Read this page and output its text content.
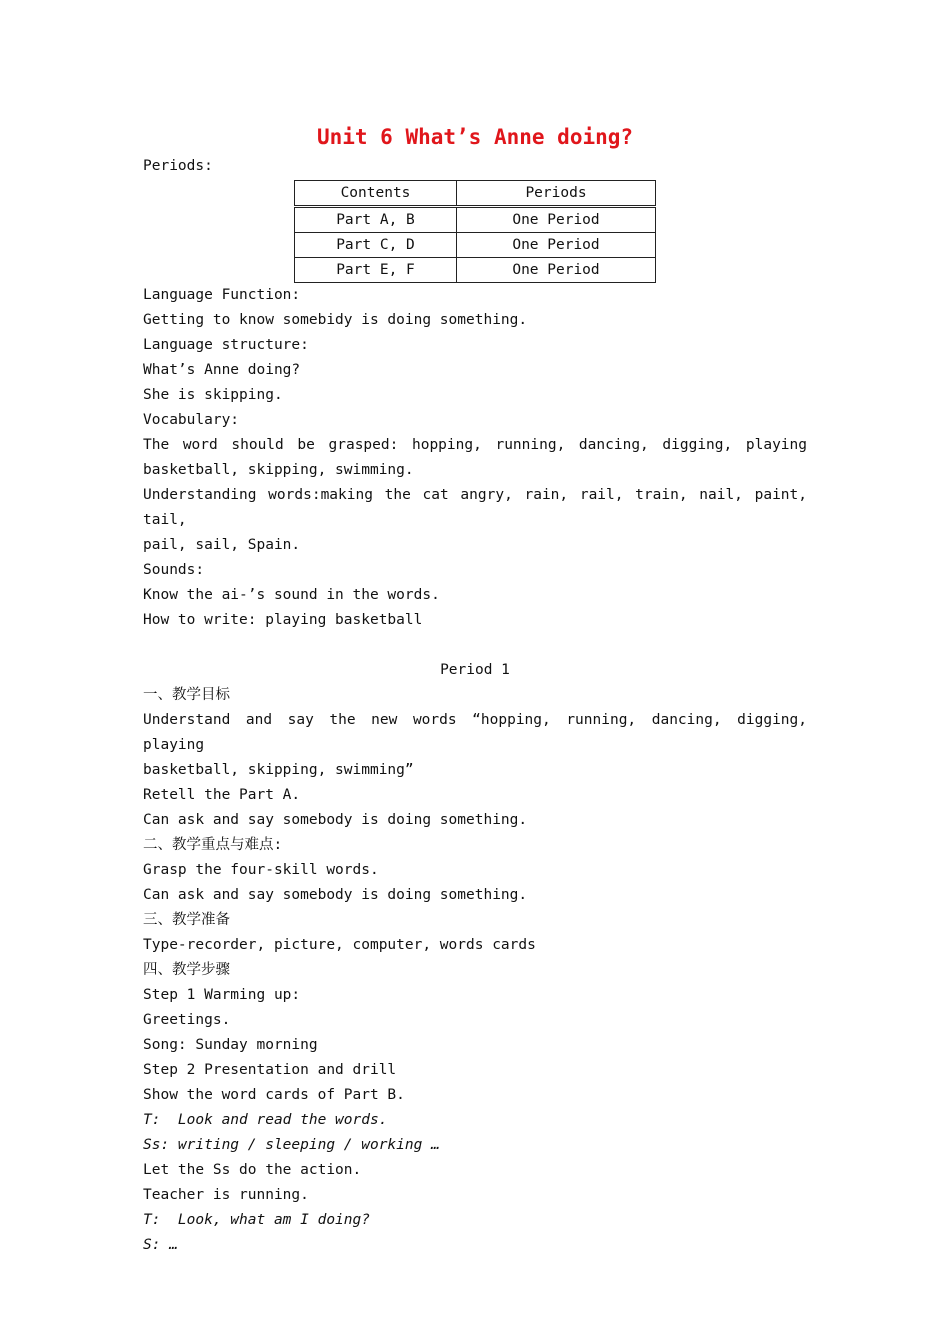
Unit 6 What’s Anne doing?
Periods:
Contents	Periods
Part A, B	One Period
Part C, D	One Period
Part E, F	One Period
Language Function:
Getting to know somebidy is doing something.
Language structure:
What’s Anne doing?
She is skipping.
Vocabulary:
The word should be grasped: hopping, running, dancing, digging, playing
basketball, skipping, swimming.
Understanding words:making the cat angry, rain, rail, train, nail, paint, tail,
pail, sail, Spain.
Sounds:
Know the ai-’s sound in the words.
How to write: playing basketball
Period 1
一、教学目标
Understand and say the new words “hopping, running, dancing, digging, playing
basketball, skipping, swimming”
Retell the Part A.
Can ask and say somebody is doing something.
二、教学重点与难点:
Grasp the four-skill words.
Can ask and say somebody is doing something.
三、教学准备
Type-recorder, picture, computer, words cards
四、教学步骤
Step 1 Warming up:
Greetings.
Song: Sunday morning
Step 2 Presentation and drill
Show the word cards of Part B.
T:  Look and read the words.
Ss: writing / sleeping / working …
Let the Ss do the action.
Teacher is running.
T:  Look, what am I doing?
S: …
